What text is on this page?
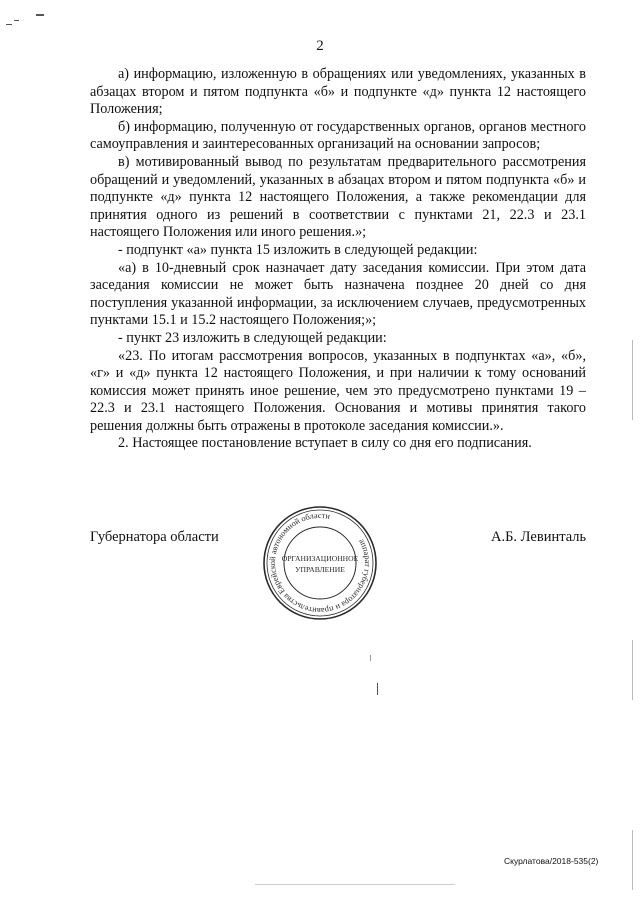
2

а) информацию, изложенную в обращениях или уведомлениях, указанных в абзацах втором и пятом подпункта «б» и подпункте «д» пункта 12 настоящего Положения;

б) информацию, полученную от государственных органов, органов местного самоуправления и заинтересованных организаций на основании запросов;

в) мотивированный вывод по результатам предварительного рассмотрения обращений и уведомлений, указанных в абзацах втором и пятом подпункта «б» и подпункте «д» пункта 12 настоящего Положения, а также рекомендации для принятия одного из решений в соответствии с пунктами 21, 22.3 и 23.1 настоящего Положения или иного решения.»;

- подпункт «а» пункта 15 изложить в следующей редакции:

«а) в 10-дневный срок назначает дату заседания комиссии. При этом дата заседания комиссии не может быть назначена позднее 20 дней со дня поступления указанной информации, за исключением случаев, предусмотренных пунктами 15.1 и 15.2 настоящего Положения;»;

- пункт 23 изложить в следующей редакции:

«23. По итогам рассмотрения вопросов, указанных в подпунктах «а», «б», «г» и «д» пункта 12 настоящего Положения, и при наличии к тому оснований комиссия может принять иное решение, чем это предусмотрено пунктами 19 – 22.3 и 23.1 настоящего Положения. Основания и мотивы принятия такого решения должны быть отражены в протоколе заседания комиссии.».

2. Настоящее постановление вступает в силу со дня его подписания.

Губернатора области	А.Б. Левинталь
аппарат губернатора и правительства Еврейской автономной области
ОРГАНИЗАЦИОННОЕ
УПРАВЛЕНИЕ
Скурлатова/2018-535(2)
